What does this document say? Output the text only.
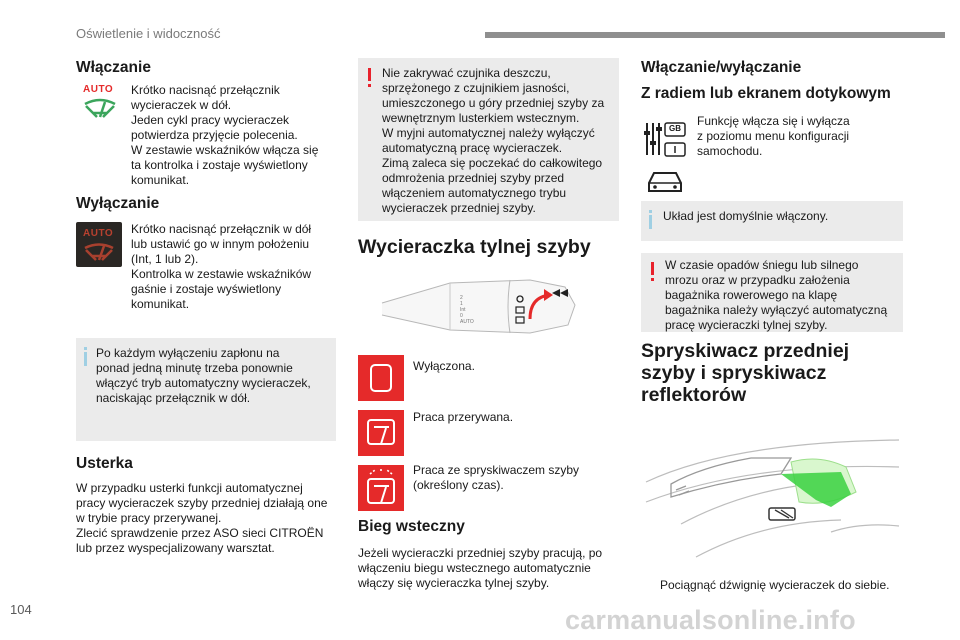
Oświetlenie i widoczność
Włączanie
AUTO Krótko nacisnąć przełącznik
wycieraczek w dół.
Jeden cykl pracy wycieraczek
potwierdza przyjęcie polecenia.
W zestawie wskaźników włącza się
ta kontrolka i zostaje wyświetlony
komunikat.
Wyłączanie
AUTO Krótko nacisnąć przełącznik w dół
lub ustawić go w innym położeniu
(Int, 1 lub 2).
Kontrolka w zestawie wskaźników
gaśnie i zostaje wyświetlony
komunikat.
Po każdym wyłączeniu zapłonu na
ponad jedną minutę trzeba ponownie
włączyć tryb automatyczny wycieraczek,
naciskając przełącznik w dół.
Usterka
W przypadku usterki funkcji automatycznej
pracy wycieraczek szyby przedniej działają one
w trybie pracy przerywanej.
Zlecić sprawdzenie przez ASO sieci CITROËN
lub przez wyspecjalizowany warsztat.
Nie zakrywać czujnika deszczu,
sprzężonego z czujnikiem jasności,
umieszczonego u góry przedniej szyby za
wewnętrznym lusterkiem wstecznym.
W myjni automatycznej należy wyłączyć
automatyczną pracę wycieraczek.
Zimą zaleca się poczekać do całkowitego
odmrożenia przedniej szyby przed
włączeniem automatycznego trybu
wycieraczek przedniej szyby.
Wycieraczka tylnej szyby
2
1
Int
0
AUTO
Wyłączona.
Praca przerywana.
Praca ze spryskiwaczem szyby
(określony czas).
Bieg wsteczny
Jeżeli wycieraczki przedniej szyby pracują, po
włączeniu biegu wstecznego automatycznie
włączy się wycieraczka tylnej szyby.
Włączanie/wyłączanie
Z radiem lub ekranem dotykowym
GB
Funkcję włącza się i wyłącza
z poziomu menu konfiguracji
samochodu.
Układ jest domyślnie włączony.
W czasie opadów śniegu lub silnego
mrozu oraz w przypadku założenia
bagażnika rowerowego na klapę
bagażnika należy wyłączyć automatyczną
pracę wycieraczki tylnej szyby.
Spryskiwacz przedniej
szyby i spryskiwacz
reflektorów
Pociągnąć dźwignię wycieraczek do siebie.
104	carmanualsonline.info
